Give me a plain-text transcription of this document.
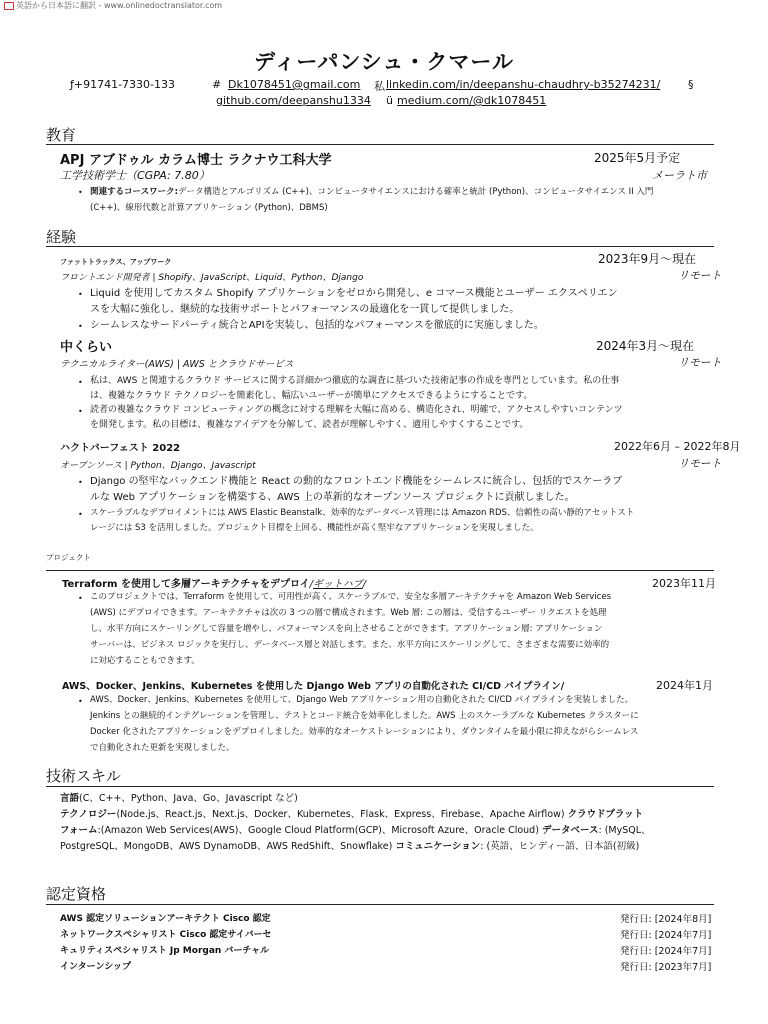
英語から日本語に翻訳 - www.onlinedoctranslator.com
ディーパンシュ・クマール
ƒ+91741-7330-133	# Dk1078451@gmail.com 私 linkedin.com/in/deepanshu-chaudhry-b35274231/	§
github.com/deepanshu1334 ü medium.com/@dk1078451
教育
APJ アブドゥル カラム博士 ラクナウ工科大学	2025年5月予定
工学技術学士（CGPA: 7.80）	メーラト市
• 関連するコースワーク:データ構造とアルゴリズム (C++)、コンピュータサイエンスにおける確率と統計 (Python)、コンピュータサイエンス II 入門
(C++)、線形代数と計算アプリケーション (Python)、DBMS)
経験
ファットトラックス、アップワーク	2023年9月〜現在
フロントエンド開発者 | Shopify、JavaScript、Liquid、Python、Django	リモート
• Liquid を使用してカスタム Shopify アプリケーションをゼロから開発し、e コマース機能とユーザー エクスペリエン
スを大幅に強化し、継続的な技術サポートとパフォーマンスの最適化を一貫して提供しました。
• シームレスなサードパーティ統合とAPIを実装し、包括的なパフォーマンスを徹底的に実施しました。
中くらい	2024年3月〜現在
テクニカルライター(AWS) | AWS とクラウドサービス	リモート
• 私は、AWS と関連するクラウド サービスに関する詳細かつ徹底的な調査に基づいた技術記事の作成を専門としています。私の仕事
は、複雑なクラウド テクノロジーを簡素化し、幅広いユーザーが簡単にアクセスできるようにすることです。
• 読者の複雑なクラウド コンピューティングの概念に対する理解を大幅に高める、構造化され、明確で、アクセスしやすいコンテンツ
を開発します。私の目標は、複雑なアイデアを分解して、読者が理解しやすく、適用しやすくすることです。
ハクトバーフェスト 2022	2022年6月 – 2022年8月
オープンソース | Python、Django、Javascript	リモート
• Django の堅牢なバックエンド機能と React の動的なフロントエンド機能をシームレスに統合し、包括的でスケーラブ
ルな Web アプリケーションを構築する、AWS 上の革新的なオープンソース プロジェクトに貢献しました。
• スケーラブルなデプロイメントには AWS Elastic Beanstalk、効率的なデータベース管理には Amazon RDS、信頼性の高い静的アセットスト
レージには S3 を活用しました。プロジェクト目標を上回る、機能性が高く堅牢なアプリケーションを実現しました。
プロジェクト
Terraform を使用して多層アーキテクチャをデプロイ/ギットハブ/	2023年11月
• このプロジェクトでは、Terraform を使用して、可用性が高く、スケーラブルで、安全な多層アーキテクチャを Amazon Web Services
(AWS) にデプロイできます。アーキテクチャは次の 3 つの層で構成されます。Web 層: この層は、受信するユーザー リクエストを処理
し、水平方向にスケーリングして容量を増やし、パフォーマンスを向上させることができます。アプリケーション層: アプリケーション
サーバーは、ビジネス ロジックを実行し、データベース層と対話します。また、水平方向にスケーリングして、さまざまな需要に効率的
に対応することもできます。
AWS、Docker、Jenkins、Kubernetes を使用した Django Web アプリの自動化された CI/CD パイプライン/	2024年1月
• AWS、Docker、Jenkins、Kubernetes を使用して、Django Web アプリケーション用の自動化された CI/CD パイプラインを実装しました。
Jenkins との継続的インテグレーションを管理し、テストとコード統合を効率化しました。AWS 上のスケーラブルな Kubernetes クラスターに
Docker 化されたアプリケーションをデプロイしました。効率的なオーケストレーションにより、ダウンタイムを最小限に抑えながらシームレス
で自動化された更新を実現しました。
技術スキル
言語(C、C++、Python、Java、Go、Javascript など)
テクノロジー(Node.js、React.js、Next.js、Docker、Kubernetes、Flask、Express、Firebase、Apache Airflow) クラウドプラット
フォーム:(Amazon Web Services(AWS)、Google Cloud Platform(GCP)、Microsoft Azure、Oracle Cloud) データベース: (MySQL、
PostgreSQL、MongoDB、AWS DynamoDB、AWS RedShift、Snowflake) コミュニケーション: (英語、ヒンディー語、日本語(初級)
認定資格
AWS 認定ソリューションアーキテクト Cisco 認定	発行日: [2024年8月]
ネットワークスペシャリスト Cisco 認定サイバーセ	発行日: [2024年7月]
キュリティスペシャリスト Jp Morgan バーチャル	発行日: [2024年7月]
インターンシップ	発行日: [2023年7月]
